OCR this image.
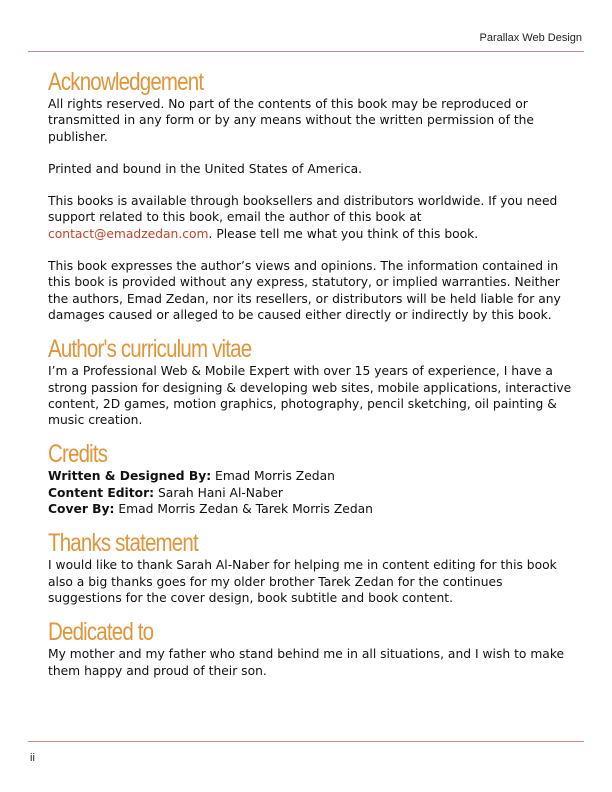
Parallax Web Design
Acknowledgement

All rights reserved. No part of the contents of this book may be reproduced or transmitted in any form or by any means without the written permission of the publisher.

Printed and bound in the United States of America.

This books is available through booksellers and distributors worldwide. If you need support related to this book, email the author of this book at contact@emadzedan.com. Please tell me what you think of this book.

This book expresses the author’s views and opinions. The information contained in this book is provided without any express, statutory, or implied warranties. Neither the authors, Emad Zedan, nor its resellers, or distributors will be held liable for any damages caused or alleged to be caused either directly or indirectly by this book.

Author's curriculum vitae

I’m a Professional Web & Mobile Expert with over 15 years of experience, I have a strong passion for designing & developing web sites, mobile applications, interactive content, 2D games, motion graphics, photography, pencil sketching, oil painting & music creation.

Credits

Written & Designed By: Emad Morris Zedan

Content Editor: Sarah Hani Al-Naber

Cover By: Emad Morris Zedan & Tarek Morris Zedan

Thanks statement

I would like to thank Sarah Al-Naber for helping me in content editing for this book also a big thanks goes for my older brother Tarek Zedan for the continues suggestions for the cover design, book subtitle and book content.

Dedicated to

My mother and my father who stand behind me in all situations, and I wish to make them happy and proud of their son.

ii
